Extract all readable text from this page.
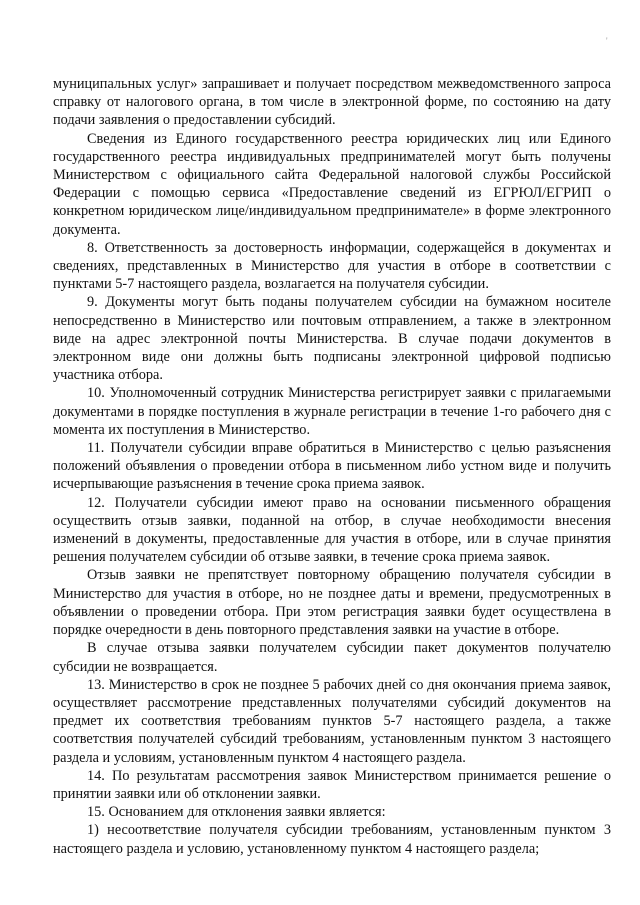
'

муниципальных услуг» запрашивает и получает посредством межведомственного запроса справку от налогового органа, в том числе в электронной форме, по состоянию на дату подачи заявления о предоставлении субсидий.

Сведения из Единого государственного реестра юридических лиц или Единого государственного реестра индивидуальных предпринимателей могут быть получены Министерством с официального сайта Федеральной налоговой службы Российской Федерации с помощью сервиса «Предоставление сведений из ЕГРЮЛ/ЕГРИП о конкретном юридическом лице/индивидуальном предпринимателе» в форме электронного документа.

8. Ответственность за достоверность информации, содержащейся в документах и сведениях, представленных в Министерство для участия в отборе в соответствии с пунктами 5-7 настоящего раздела, возлагается на получателя субсидии.

9. Документы могут быть поданы получателем субсидии на бумажном носителе непосредственно в Министерство или почтовым отправлением, а также в электронном виде на адрес электронной почты Министерства. В случае подачи документов в электронном виде они должны быть подписаны электронной цифровой подписью участника отбора.

10. Уполномоченный сотрудник Министерства регистрирует заявки с прилагаемыми документами в порядке поступления в журнале регистрации в течение 1-го рабочего дня с момента их поступления в Министерство.

11. Получатели субсидии вправе обратиться в Министерство с целью разъяснения положений объявления о проведении отбора в письменном либо устном виде и получить исчерпывающие разъяснения в течение срока приема заявок.

12. Получатели субсидии имеют право на основании письменного обращения осуществить отзыв заявки, поданной на отбор, в случае необходимости внесения изменений в документы, предоставленные для участия в отборе, или в случае принятия решения получателем субсидии об отзыве заявки, в течение срока приема заявок.

Отзыв заявки не препятствует повторному обращению получателя субсидии в Министерство для участия в отборе, но не позднее даты и времени, предусмотренных в объявлении о проведении отбора. При этом регистрация заявки будет осуществлена в порядке очередности в день повторного представления заявки на участие в отборе.

В случае отзыва заявки получателем субсидии пакет документов получателю субсидии не возвращается.

13. Министерство в срок не позднее 5 рабочих дней со дня окончания приема заявок, осуществляет рассмотрение представленных получателями субсидий документов на предмет их соответствия требованиям пунктов 5-7 настоящего раздела, а также соответствия получателей субсидий требованиям, установленным пунктом 3 настоящего раздела и условиям, установленным пунктом 4 настоящего раздела.

14. По результатам рассмотрения заявок Министерством принимается решение о принятии заявки или об отклонении заявки.

15. Основанием для отклонения заявки является:

1) несоответствие получателя субсидии требованиям, установленным пунктом 3 настоящего раздела и условию, установленному пунктом 4 настоящего раздела;
